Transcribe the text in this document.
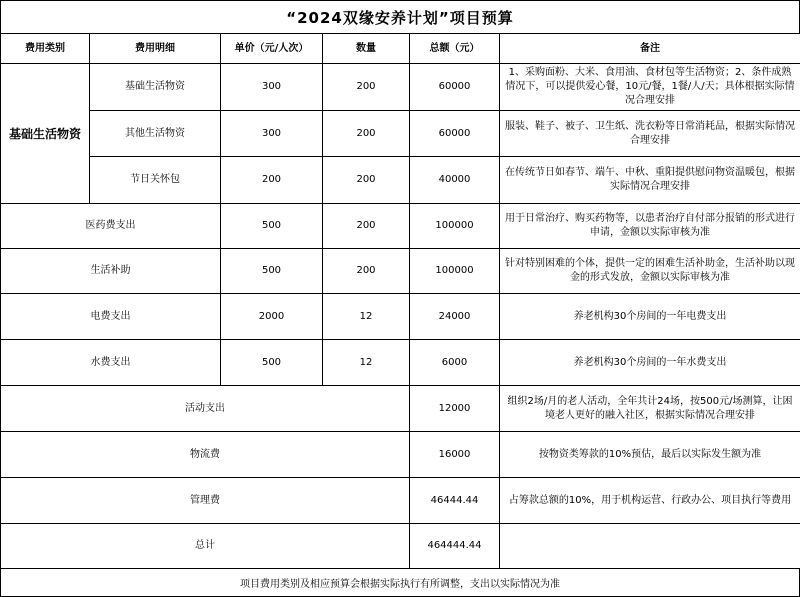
“2024双缘安养计划”项目预算
费用类别	费用明细	单价（元/人次）	数量	总额（元）	备注
基础生活物资	基础生活物资	300	200	60000	1、采购面粉、大米、食用油、食材包等生活物资；2、条件成熟情况下，可以提供爱心餐，10元/餐，1餐/人/天；具体根据实际情况合理安排
	其他生活物资	300	200	60000	服装、鞋子、被子、卫生纸、洗衣粉等日常消耗品，根据实际情况合理安排
	节日关怀包	200	200	40000	在传统节日如春节、端午、中秋、重阳提供慰问物资温暖包，根据实际情况合理安排
医药费支出		500	200	100000	用于日常治疗、购买药物等，以患者治疗自付部分报销的形式进行申请，金额以实际审核为准
生活补助		500	200	100000	针对特别困难的个体，提供一定的困难生活补助金，生活补助以现金的形式发放，金额以实际审核为准
电费支出		2000	12	24000	养老机构30个房间的一年电费支出
水费支出		500	12	6000	养老机构30个房间的一年水费支出
活动支出				12000	组织2场/月的老人活动，全年共计24场，按500元/场测算，让困境老人更好的融入社区，根据实际情况合理安排
物流费				16000	按物资类筹款的10%预估，最后以实际发生额为准
管理费				46444.44	占筹款总额的10%，用于机构运营、行政办公、项目执行等费用
总计				464444.44	
项目费用类别及相应预算会根据实际执行有所调整，支出以实际情况为准
